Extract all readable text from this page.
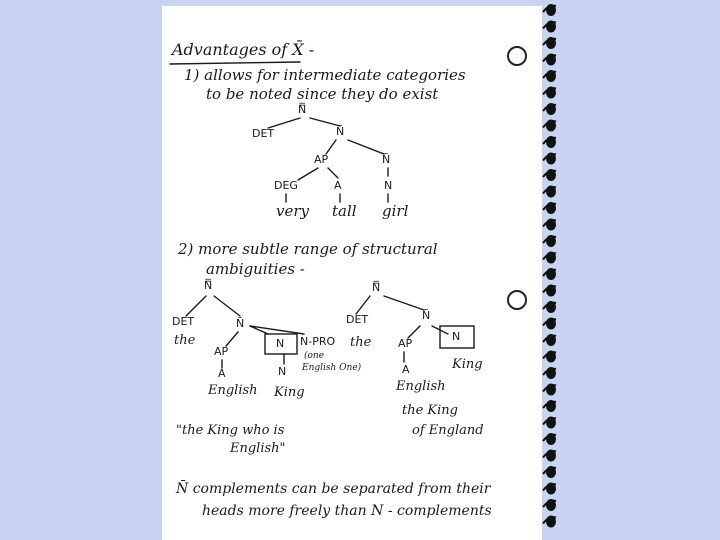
Advantages of X̄ -
1) allows for intermediate categories
to be noted since they do exist
N̿
DET	N̄
AP	N̄
DEG	A	N
very tall girl
2) more subtle range of structural
ambiguities -
N̿
DET
the
N̄
AP
A
English
N
N
King
N-PRO
(one
English One)
N̿
DET
the
N̄
AP
A
English
N
King
"the King who is
English"
the King
of England
N̄ complements can be separated from their
heads more freely than N - complements
